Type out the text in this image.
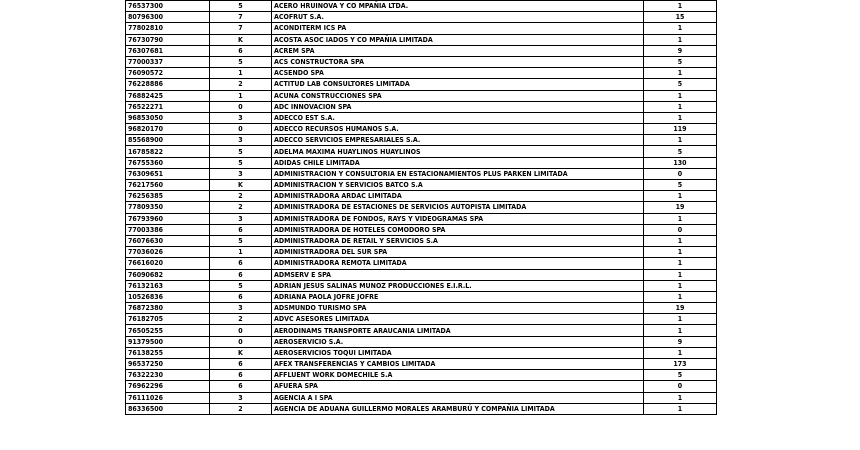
76537300	5	ACERO HRUINOVA Y CO MPAÑIA LTDA.	1
80796300	7	ACOFRUT S.A.	15
77802810	7	ACONDITERM ICS PA	1
76730790	K	ACOSTA ASOC IADOS Y CO MPAÑIA LIMITADA	1
76307681	6	ACREM SPA	9
77000337	5	ACS CONSTRUCTORA SPA	5
76090572	1	ACSENDO SPA	1
76228886	2	ACTITUD LAB CONSULTORES LIMITADA	5
76882425	1	ACUNA CONSTRUCCIONES SPA	1
76522271	0	ADC INNOVACION SPA	1
96853050	3	ADECCO EST S.A.	1
96820170	0	ADECCO RECURSOS HUMANOS S.A.	119
85568900	3	ADECCO SERVICIOS EMPRESARIALES S.A.	1
16785822	5	ADELMA MAXIMA HUAYLINOS HUAYLINOS	5
76755360	5	ADIDAS CHILE LIMITADA	130
76309651	3	ADMINISTRACION Y CONSULTORIA EN ESTACIONAMIENTOS PLUS PARKEN LIMITADA	0
76217560	K	ADMINISTRACION Y SERVICIOS BATCO S.A	5
76256385	2	ADMINISTRADORA ARDAC LIMITADA	1
77809350	2	ADMINISTRADORA DE ESTACIONES DE SERVICIOS AUTOPISTA LIMITADA	19
76793960	3	ADMINISTRADORA DE FONDOS, RAYS Y VIDEOGRAMAS SPA	1
77003386	6	ADMINISTRADORA DE HOTELES COMODORO SPA	0
76076630	5	ADMINISTRADORA DE RETAIL Y SERVICIOS S.A	1
77036026	1	ADMINISTRADORA DEL SUR SPA	1
76616020	6	ADMINISTRADORA REMOTA LIMITADA	1
76090682	6	ADMSERV E SPA	1
76132163	5	ADRIAN JESUS SALINAS MUNOZ PRODUCCIONES E.I.R.L.	1
10526836	6	ADRIANA PAOLA JOFRE JOFRE	1
76872380	3	ADSMUNDO TURISMO SPA	19
76182705	2	ADVC ASESORES LIMITADA	1
76505255	0	AERODINAMS TRANSPORTE ARAUCANIA LIMITADA	1
91379500	0	AEROSERVICIO S.A.	9
76138255	K	AEROSERVICIOS TOQUI LIMITADA	1
96537250	6	AFEX TRANSFERENCIAS Y CAMBIOS LIMITADA	173
76322230	6	AFFLUENT WORK DOMECHILE S.A	5
76962296	6	AFUERA SPA	0
76111026	3	AGENCIA A I SPA	1
86336500	2	AGENCIA DE ADUANA GUILLERMO MORALES ARAMBURÚ Y COMPAÑIA LIMITADA	1
